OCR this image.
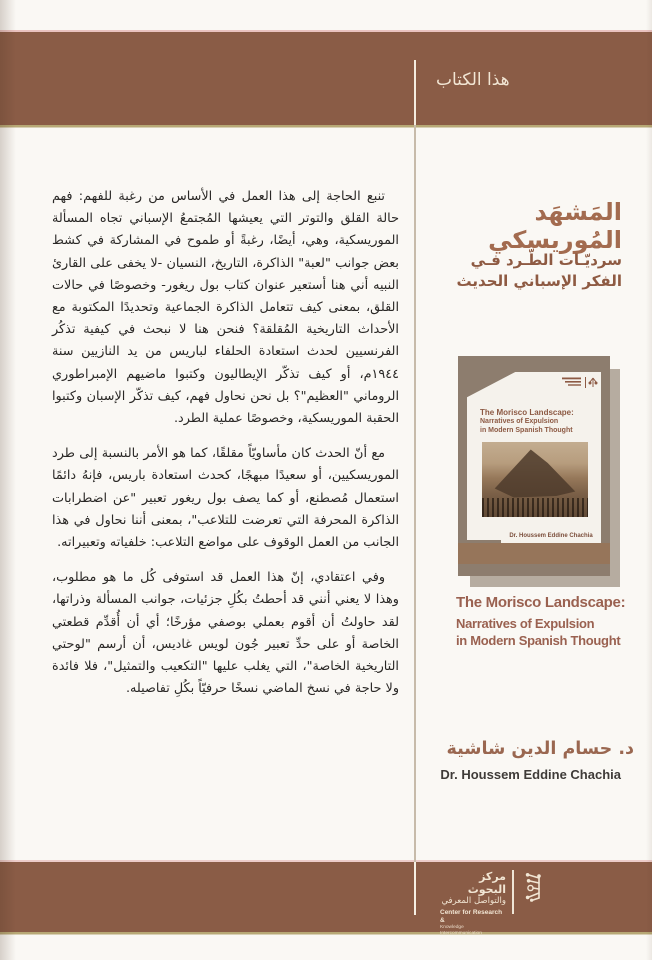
هذا الكتاب

تنبع الحاجة إلى هذا العمل في الأساس من رغبة للفهم: فهم حالة القلق والتوتر التي يعيشها المُجتمعُ الإسباني تجاه المسألة الموريسكية، وهي، أيضًا، رغبةً أو طموح في المشاركة في كشط بعض جوانب "لعبة" الذاكرة، التاريخ، النسيان -لا يخفى على القارئ النبيه أني هنا أستعير عنوان كتاب بول ريغور- وخصوصًا في حالات القلق، بمعنى كيف تتعامل الذاكرة الجماعية وتحديدًا المكتوبة مع الأحداث التاريخية المُقلقة؟ فنحن هنا لا نبحث في كيفية تذكُر الفرنسيين لحدث استعادة الحلفاء لباريس من يد النازيين سنة ١٩٤٤م، أو كيف تذكّر الإيطاليون وكتبوا ماضيهم الإمبراطوري الروماني "العظيم"؟ بل نحن نحاول فهم، كيف تذكّر الإسبان وكتبوا الحقبة الموريسكية، وخصوصًا عملية الطرد.

مع أنّ الحدث كان مأساويّاً مقلقًا، كما هو الأمر بالنسبة إلى طرد الموريسكيين، أو سعيدًا مبهجًا، كحدث استعادة باريس، فإنهُ دائمًا استعمال مُصطنع، أو كما يصف بول ريغور تعبير "عن اضطرابات الذاكرة المحرفة التي تعرضت للتلاعب"، بمعنى أننا نحاول في هذا الجانب من العمل الوقوف على مواضع التلاعب: خلفياته وتعبيراته.

وفي اعتقادي، إنّ هذا العمل قد استوفى كُل ما هو مطلوب، وهذا لا يعني أنني قد أحطتُ بكُلِ جزئيات، جوانب المسألة وذراتها، لقد حاولتُ أن أقوم بعملي بوصفي مؤرخًا؛ أي أن أُقدِّم قطعتي الخاصة أو على حدِّ تعبير جُون لويس غاديس، أن أرسم "لوحتي التاريخية الخاصة"، التي يغلب عليها "التكعيب والتمثيل"، فلا فائدة ولا حاجة في نسخ الماضي نسخًا حرفيّاً بكُلِ تفاصيله.

المَشهَد المُوريسكي
سرديّـات الطّـرد فـي
الفكر الإسباني الحديث
The Morisco Landscape:
Narratives of Expulsion
in Modern Spanish Thought
Dr. Houssem Eddine Chachia
The Morisco Landscape:
Narratives of Expulsion
in Modern Spanish Thought
د. حسام الدين شاشية
Dr. Houssem Eddine Chachia
مركز البحوث
والتواصل المعرفي
Center for Research &
Knowledge Intercommunication
